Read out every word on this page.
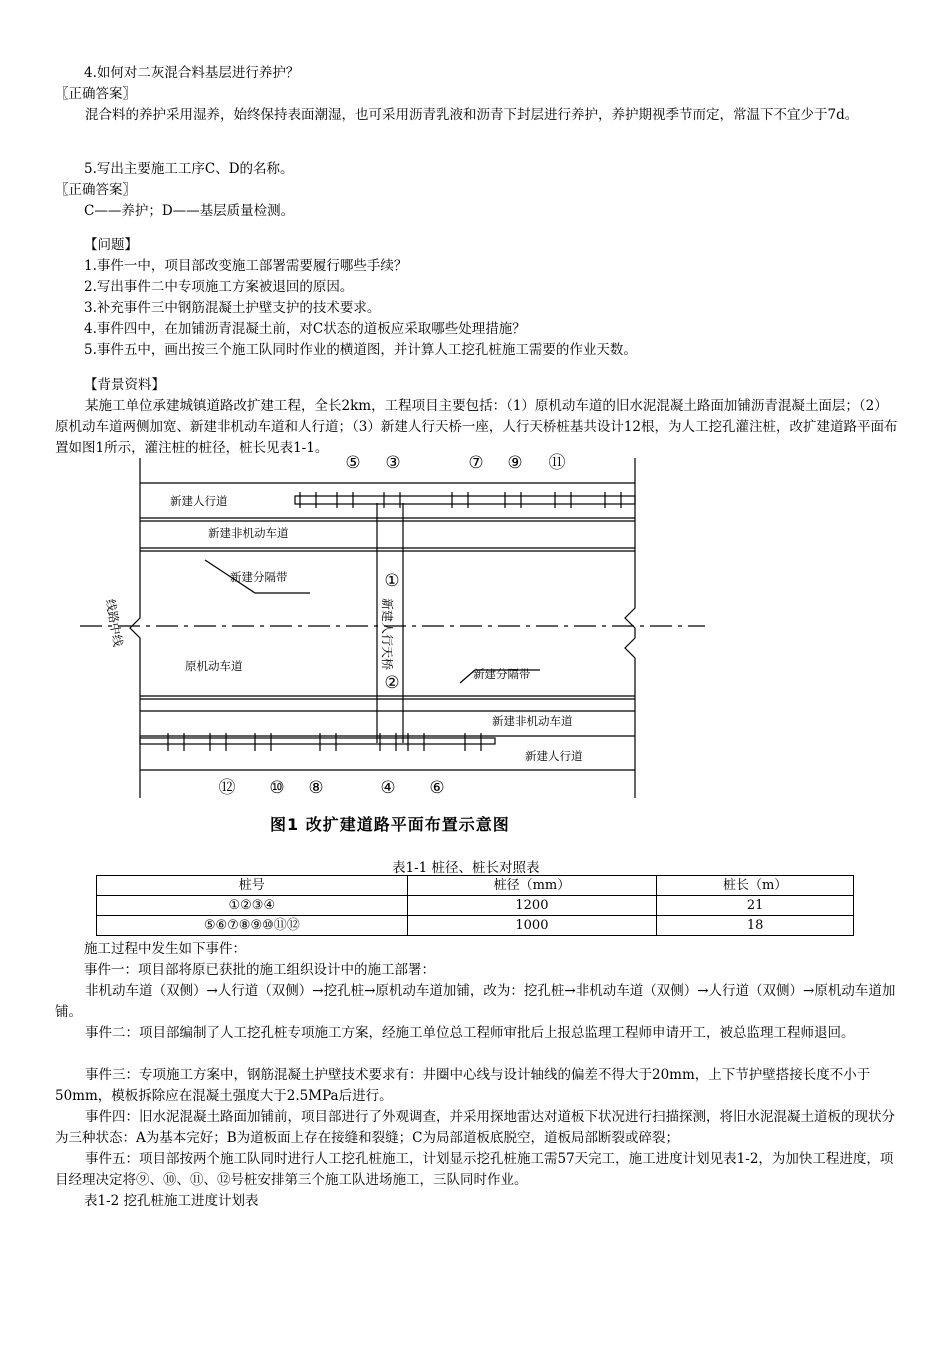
4.如何对二灰混合料基层进行养护？

〖正确答案〗

混合料的养护采用湿养，始终保持表面潮湿，也可采用沥青乳液和沥青下封层进行养护，养护期视季节而定，常温下不宜少于7d。

5.写出主要施工工序C、D的名称。

〖正确答案〗

C——养护；D——基层质量检测。

【问题】

1.事件一中，项目部改变施工部署需要履行哪些手续？

2.写出事件二中专项施工方案被退回的原因。

3.补充事件三中钢筋混凝土护壁支护的技术要求。

4.事件四中，在加铺沥青混凝土前，对C状态的道板应采取哪些处理措施？

5.事件五中，画出按三个施工队同时作业的横道图，并计算人工挖孔桩施工需要的作业天数。

【背景资料】

某施工单位承建城镇道路改扩建工程，全长2km，工程项目主要包括：（1）原机动车道的旧水泥混凝土路面加铺沥青混凝土面层；（2）原机动车道两侧加宽、新建非机动车道和人行道；（3）新建人行天桥一座，人行天桥桩基共设计12根，为人工挖孔灌注桩，改扩建道路平面布置如图1所示，灌注桩的桩径，桩长见表1-1。

⑤ ③	⑦ ⑨ ⑪
⑫ ⑩ ⑧	④ ⑥
①
②
新建人行道
新建非机动车道
新建分隔带
原机动车道
新建分隔带
新建非机动车道
新建人行道
线路中线	新建人行天桥
图1 改扩建道路平面布置示意图
表1-1 桩径、桩长对照表
桩号	桩径（mm）	桩长（m）
①②③④	1200	21
⑤⑥⑦⑧⑨⑩⑪⑫	1000	18

施工过程中发生如下事件：

事件一：项目部将原已获批的施工组织设计中的施工部署：

非机动车道（双侧）→人行道（双侧）→挖孔桩→原机动车道加铺，改为：挖孔桩→非机动车道（双侧）→人行道（双侧）→原机动车道加铺。

事件二：项目部编制了人工挖孔桩专项施工方案，经施工单位总工程师审批后上报总监理工程师申请开工，被总监理工程师退回。

事件三：专项施工方案中，钢筋混凝土护壁技术要求有：井圈中心线与设计轴线的偏差不得大于20mm，上下节护壁搭接长度不小于50mm，模板拆除应在混凝土强度大于2.5MPa后进行。

事件四：旧水泥混凝土路面加铺前，项目部进行了外观调查，并采用探地雷达对道板下状况进行扫描探测，将旧水泥混凝土道板的现状分为三种状态：A为基本完好；B为道板面上存在接缝和裂缝；C为局部道板底脱空，道板局部断裂或碎裂；

事件五：项目部按两个施工队同时进行人工挖孔桩施工，计划显示挖孔桩施工需57天完工，施工进度计划见表1-2，为加快工程进度，项目经理决定将⑨、⑩、⑪、⑫号桩安排第三个施工队进场施工，三队同时作业。

表1-2 挖孔桩施工进度计划表
